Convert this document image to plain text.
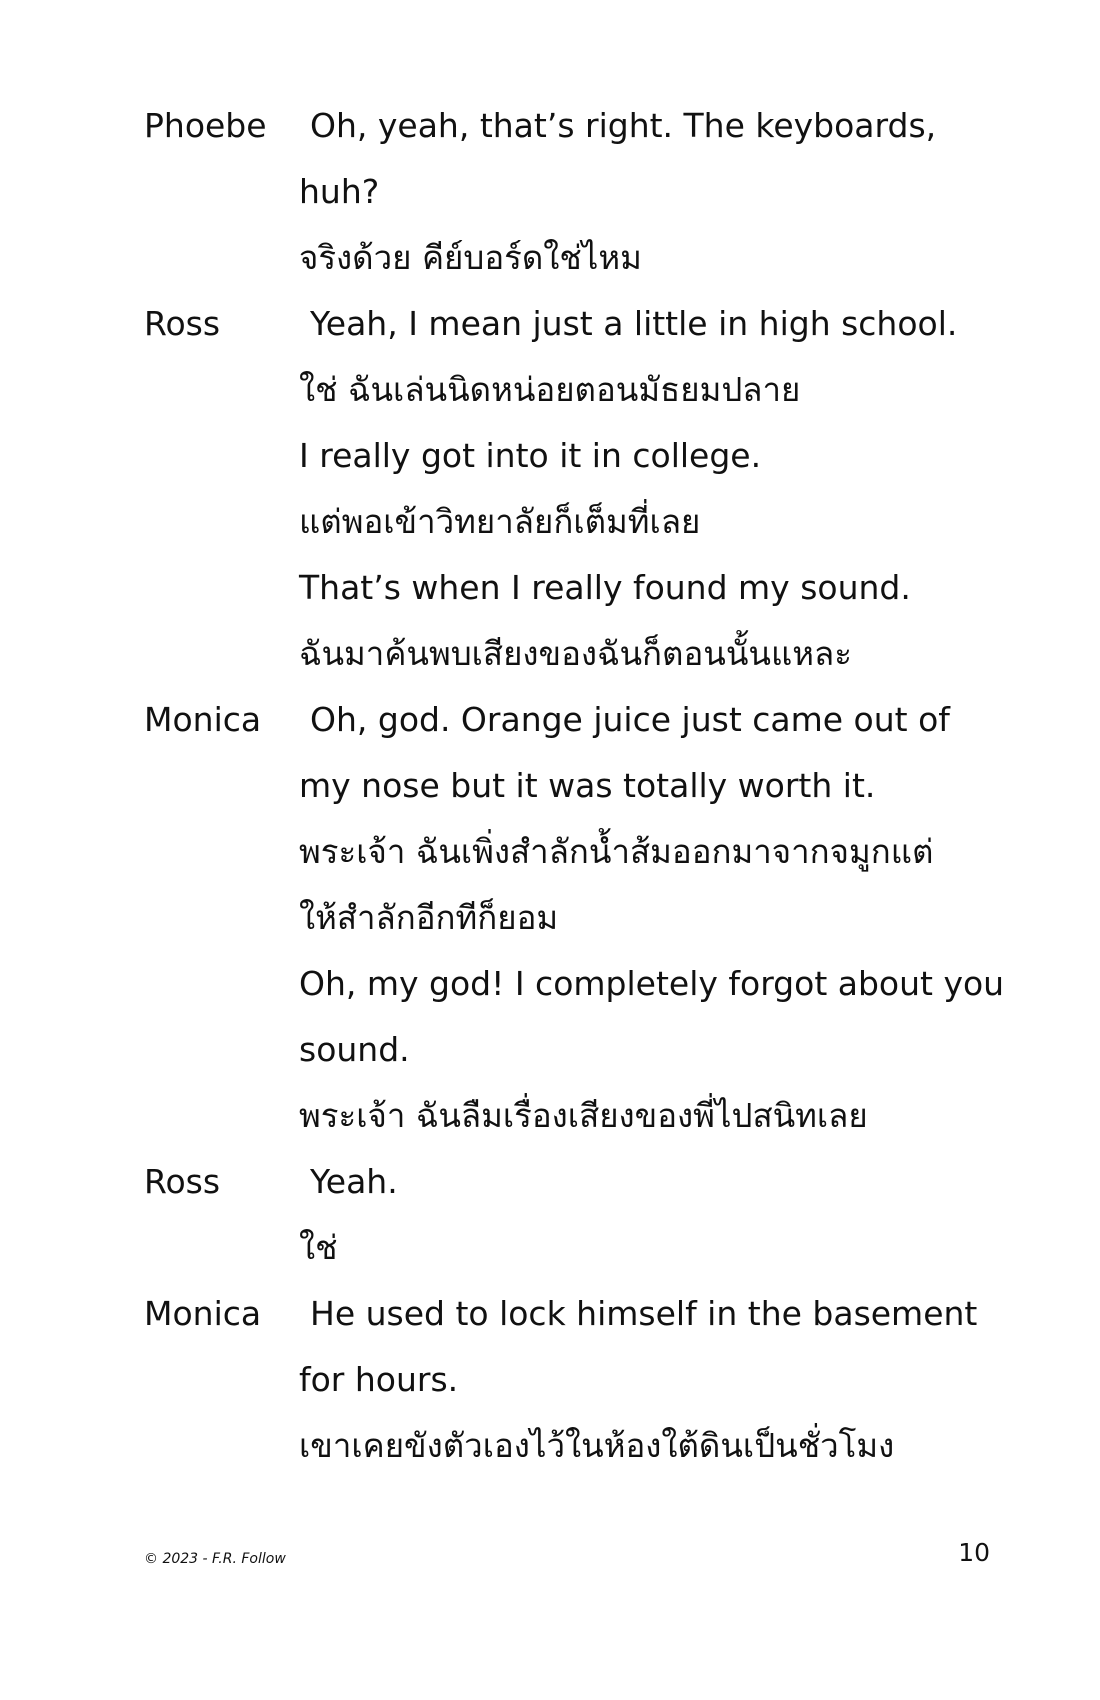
Phoebe	Oh, yeah, that’s right. The keyboards,
huh?
จริงด้วย คีย์บอร์ดใช่ไหม
Ross	Yeah, I mean just a little in high school.
ใช่ ฉันเล่นนิดหน่อยตอนมัธยมปลาย
I really got into it in college.
แต่พอเข้าวิทยาลัยก็เต็มที่เลย
That’s when I really found my sound.
ฉันมาค้นพบเสียงของฉันก็ตอนนั้นแหละ
Monica	Oh, god. Orange juice just came out of
my nose but it was totally worth it.
พระเจ้า ฉันเพิ่งสำลักน้ำส้มออกมาจากจมูกแต่
ให้สำลักอีกทีก็ยอม
Oh, my god! I completely forgot about you
sound.
พระเจ้า ฉันลืมเรื่องเสียงของพี่ไปสนิทเลย
Ross	Yeah.
ใช่
Monica	He used to lock himself in the basement
for hours.
เขาเคยขังตัวเองไว้ในห้องใต้ดินเป็นชั่วโมง
© 2023 - F.R. Follow	10
